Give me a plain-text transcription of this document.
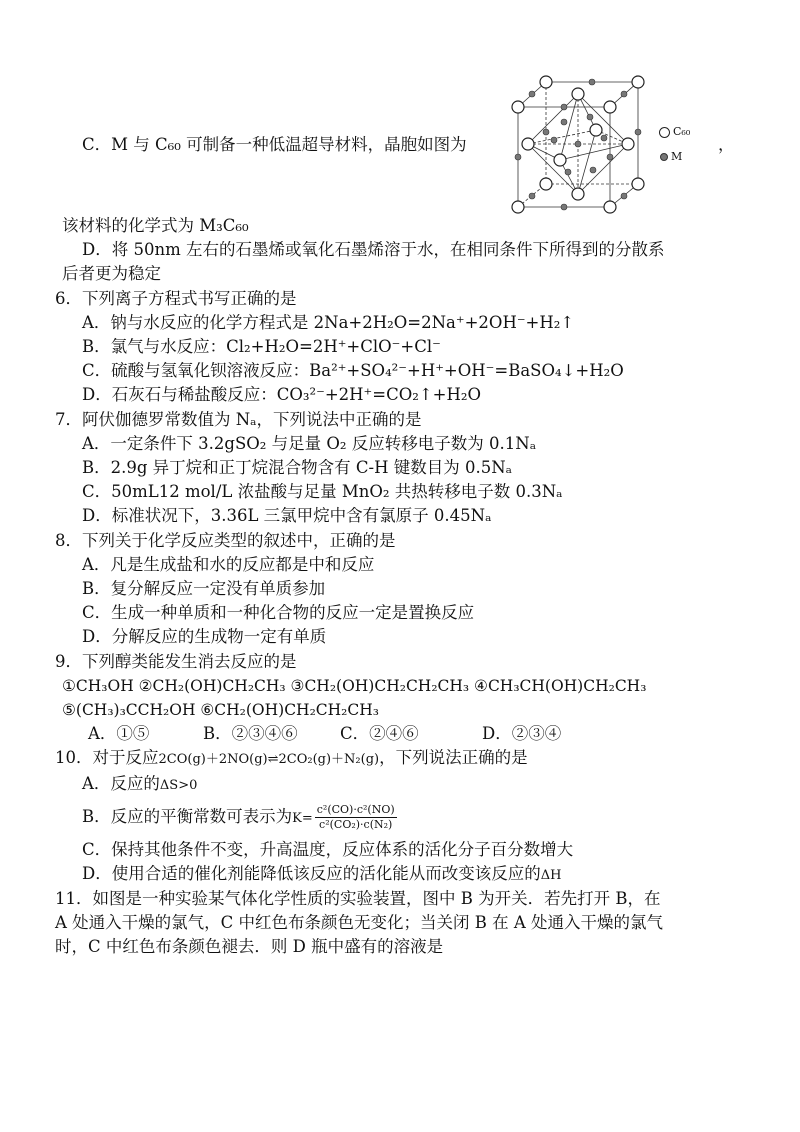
C．M 与 C₆₀ 可制备一种低温超导材料，晶胞如图为
C₆₀
M
，
该材料的化学式为 M₃C₆₀
D．将 50nm 左右的石墨烯或氧化石墨烯溶于水，在相同条件下所得到的分散系
后者更为稳定
6．下列离子方程式书写正确的是
A．钠与水反应的化学方程式是 2Na+2H₂O=2Na⁺+2OH⁻+H₂↑
B．氯气与水反应：Cl₂+H₂O=2H⁺+ClO⁻+Cl⁻
C．硫酸与氢氧化钡溶液反应：Ba²⁺+SO₄²⁻+H⁺+OH⁻=BaSO₄↓+H₂O
D．石灰石与稀盐酸反应：CO₃²⁻+2H⁺=CO₂↑+H₂O
7．阿伏伽德罗常数值为 Nₐ，下列说法中正确的是
A．一定条件下 3.2gSO₂ 与足量 O₂ 反应转移电子数为 0.1Nₐ
B．2.9g 异丁烷和正丁烷混合物含有 C-H 键数目为 0.5Nₐ
C．50mL12 mol/L 浓盐酸与足量 MnO₂ 共热转移电子数 0.3Nₐ
D．标准状况下，3.36L 三氯甲烷中含有氯原子 0.45Nₐ
8．下列关于化学反应类型的叙述中，正确的是
A．凡是生成盐和水的反应都是中和反应
B．复分解反应一定没有单质参加
C．生成一种单质和一种化合物的反应一定是置换反应
D．分解反应的生成物一定有单质
9．下列醇类能发生消去反应的是
①CH₃OH ②CH₂(OH)CH₂CH₃ ③CH₂(OH)CH₂CH₂CH₃ ④CH₃CH(OH)CH₂CH₃
⑤(CH₃)₃CCH₂OH ⑥CH₂(OH)CH₂CH₂CH₃
A．①⑤	B．②③④⑥	C．②④⑥	D．②③④
10．对于反应2CO(g)＋2NO(g)⇌2CO₂(g)＋N₂(g)，下列说法正确的是
A．反应的ΔS>0
B．反应的平衡常数可表示为$K= \frac{\text{c²(CO)·c²(NO)}}{\text{c²(CO₂)·c(N₂)}}$
C．保持其他条件不变，升高温度，反应体系的活化分子百分数增大
D．使用合适的催化剂能降低该反应的活化能从而改变该反应的ΔH
11．如图是一种实验某气体化学性质的实验装置，图中 B 为开关．若先打开 B，在
A 处通入干燥的氯气，C 中红色布条颜色无变化；当关闭 B 在 A 处通入干燥的氯气
时，C 中红色布条颜色褪去．则 D 瓶中盛有的溶液是
